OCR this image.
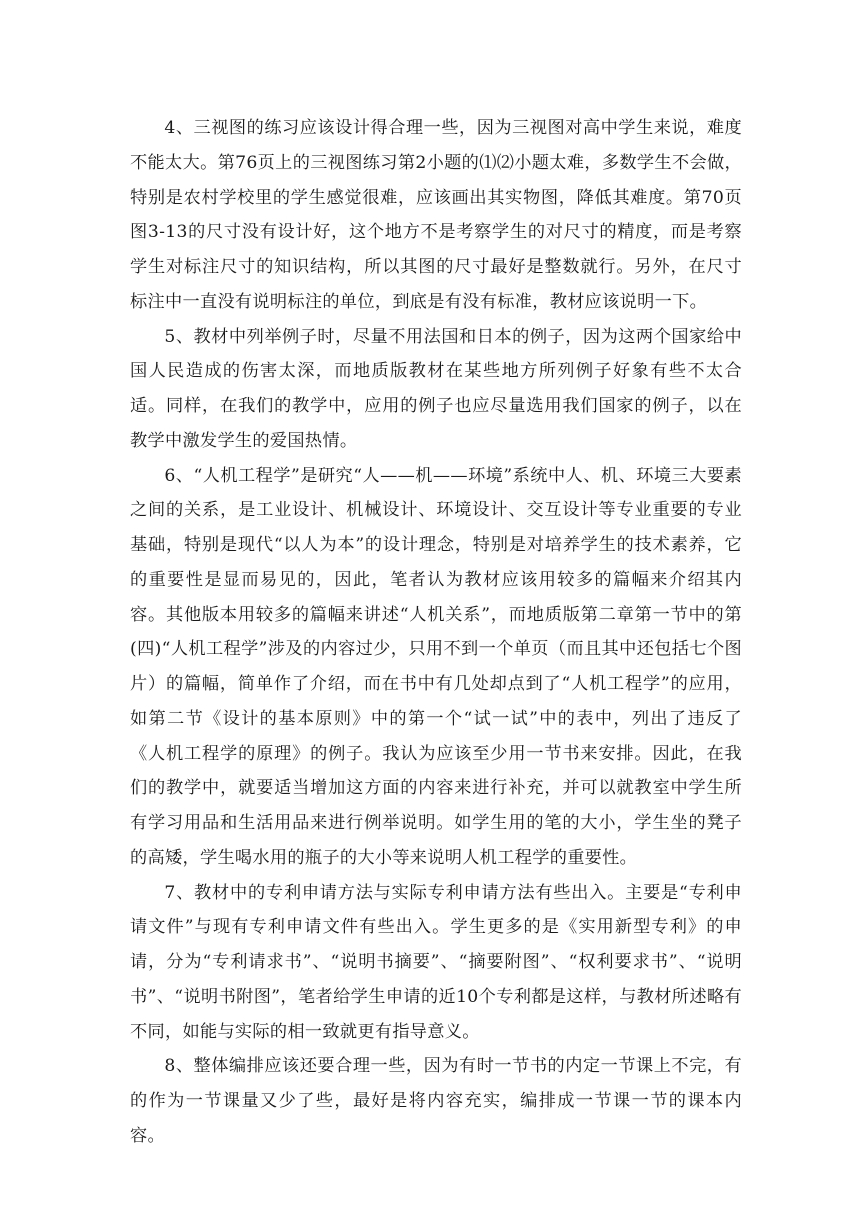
4、三视图的练习应该设计得合理一些，因为三视图对高中学生来说，难度不能太大。第76页上的三视图练习第2小题的⑴⑵小题太难，多数学生不会做，特别是农村学校里的学生感觉很难，应该画出其实物图，降低其难度。第70页图3-13的尺寸没有设计好，这个地方不是考察学生的对尺寸的精度，而是考察学生对标注尺寸的知识结构，所以其图的尺寸最好是整数就行。另外，在尺寸标注中一直没有说明标注的单位，到底是有没有标准，教材应该说明一下。

5、教材中列举例子时，尽量不用法国和日本的例子，因为这两个国家给中国人民造成的伤害太深，而地质版教材在某些地方所列例子好象有些不太合适。同样，在我们的教学中，应用的例子也应尽量选用我们国家的例子，以在教学中激发学生的爱国热情。

6、“人机工程学”是研究“人——机——环境”系统中人、机、环境三大要素之间的关系，是工业设计、机械设计、环境设计、交互设计等专业重要的专业基础，特别是现代“以人为本”的设计理念，特别是对培养学生的技术素养，它的重要性是显而易见的，因此，笔者认为教材应该用较多的篇幅来介绍其内容。其他版本用较多的篇幅来讲述“人机关系”，而地质版第二章第一节中的第(四)“人机工程学”涉及的内容过少，只用不到一个单页（而且其中还包括七个图片）的篇幅，简单作了介绍，而在书中有几处却点到了“人机工程学”的应用，如第二节《设计的基本原则》中的第一个“试一试”中的表中，列出了违反了《人机工程学的原理》的例子。我认为应该至少用一节书来安排。因此，在我们的教学中，就要适当增加这方面的内容来进行补充，并可以就教室中学生所有学习用品和生活用品来进行例举说明。如学生用的笔的大小，学生坐的凳子的高矮，学生喝水用的瓶子的大小等来说明人机工程学的重要性。

7、教材中的专利申请方法与实际专利申请方法有些出入。主要是“专利申请文件”与现有专利申请文件有些出入。学生更多的是《实用新型专利》的申请，分为“专利请求书”、“说明书摘要”、“摘要附图”、“权利要求书”、“说明书”、“说明书附图”，笔者给学生申请的近10个专利都是这样，与教材所述略有不同，如能与实际的相一致就更有指导意义。

8、整体编排应该还要合理一些，因为有时一节书的内定一节课上不完，有的作为一节课量又少了些，最好是将内容充实，编排成一节课一节的课本内容。
